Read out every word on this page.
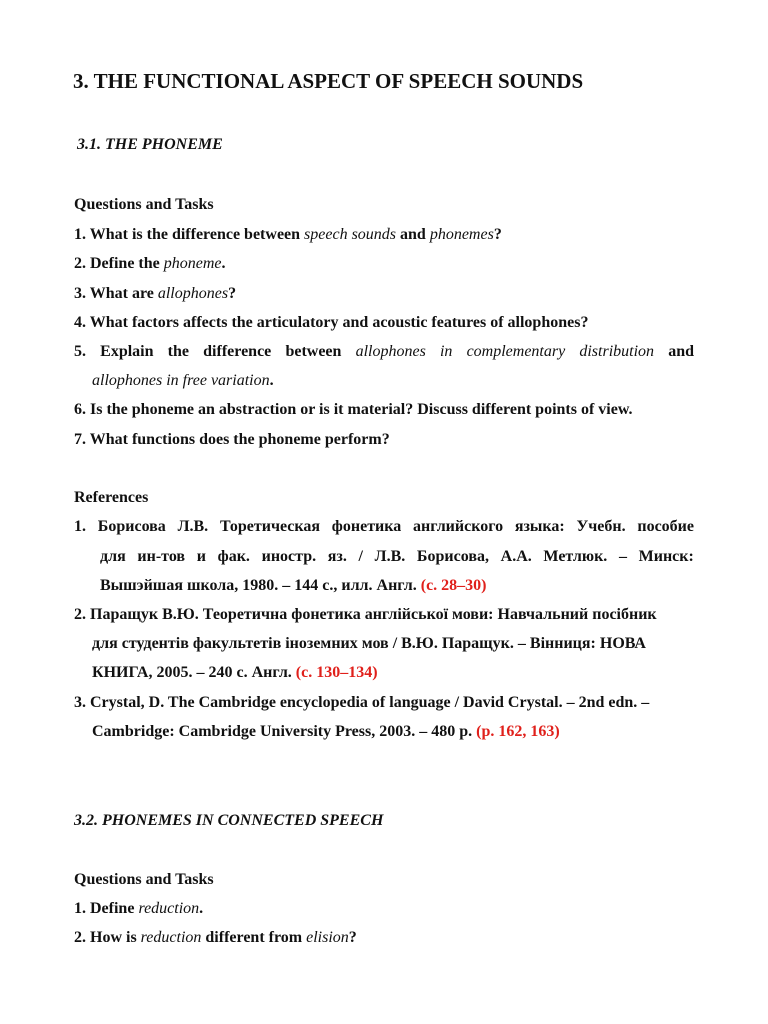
3. THE FUNCTIONAL ASPECT OF SPEECH SOUNDS
3.1. THE PHONEME
Questions and Tasks
1. What is the difference between speech sounds and phonemes?
2. Define the phoneme.
3. What are allophones?
4. What factors affects the articulatory and acoustic features of allophones?
5. Explain the difference between allophones in complementary distribution and
allophones in free variation.
6. Is the phoneme an abstraction or is it material? Discuss different points of view.
7. What functions does the phoneme perform?
References
1. Борисова Л.В. Торетическая фонетика английского языка: Учебн. пособие
для ин-тов и фак. иностр. яз. / Л.В. Борисова, А.А. Метлюк. – Минск:
Вышэйшая школа, 1980. – 144 с., илл. Англ. (с. 28–30)
2. Паращук В.Ю. Теоретична фонетика англійської мови: Навчальний посібник
для студентів факультетів іноземних мов / В.Ю. Паращук. – Вінниця: НОВА
КНИГА, 2005. – 240 с. Англ. (с. 130–134)
3. Crystal, D. The Cambridge encyclopedia of language / David Crystal. – 2nd edn. –
Cambridge: Cambridge University Press, 2003. – 480 p. (p. 162, 163)
3.2. PHONEMES IN CONNECTED SPEECH
Questions and Tasks
1. Define reduction.
2. How is reduction different from elision?
